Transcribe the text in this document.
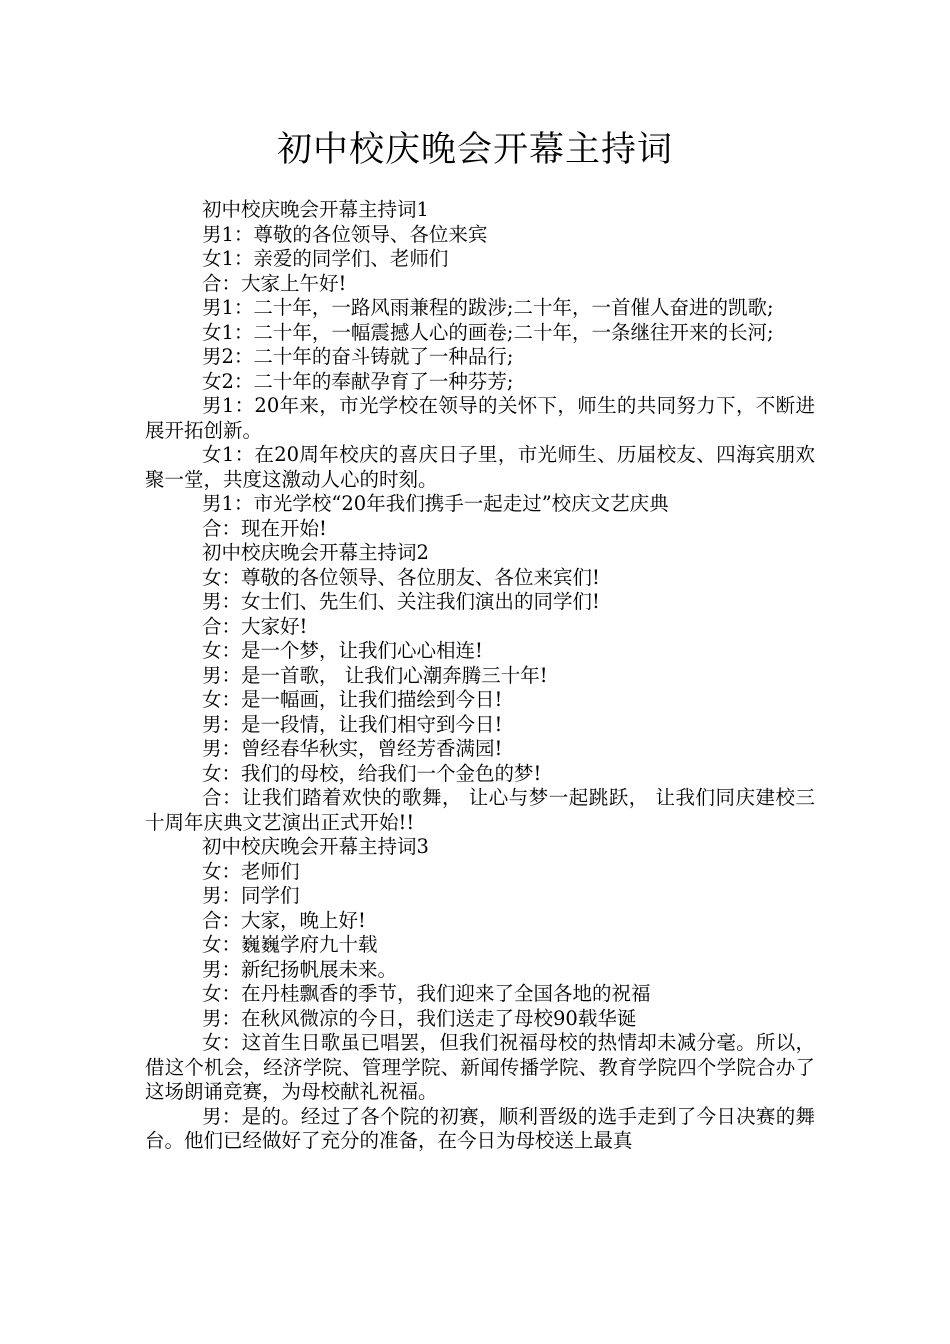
初中校庆晚会开幕主持词

初中校庆晚会开幕主持词1

男1：尊敬的各位领导、各位来宾

女1：亲爱的同学们、老师们

合：大家上午好!

男1：二十年，一路风雨兼程的跋涉;二十年，一首催人奋进的凯歌;

女1：二十年，一幅震撼人心的画卷;二十年，一条继往开来的长河;

男2：二十年的奋斗铸就了一种品行;

女2：二十年的奉献孕育了一种芬芳;

男1：20年来，市光学校在领导的关怀下，师生的共同努力下，不断进展开拓创新。

女1：在20周年校庆的喜庆日子里，市光师生、历届校友、四海宾朋欢聚一堂，共度这激动人心的时刻。

男1：市光学校“20年我们携手一起走过”校庆文艺庆典

合：现在开始!

初中校庆晚会开幕主持词2

女：尊敬的各位领导、各位朋友、各位来宾们!

男：女士们、先生们、关注我们演出的同学们!

合：大家好!

女：是一个梦，让我们心心相连!

男：是一首歌， 让我们心潮奔腾三十年!

女：是一幅画，让我们描绘到今日!

男：是一段情，让我们相守到今日!

男：曾经春华秋实，曾经芳香满园!

女：我们的母校，给我们一个金色的梦!

合：让我们踏着欢快的歌舞， 让心与梦一起跳跃， 让我们同庆建校三十周年庆典文艺演出正式开始!!

初中校庆晚会开幕主持词3

女：老师们

男：同学们

合：大家，晚上好!

女：巍巍学府九十载

男：新纪扬帆展未来。

女：在丹桂飘香的季节，我们迎来了全国各地的祝福

男：在秋风微凉的今日，我们送走了母校90载华诞

女：这首生日歌虽已唱罢，但我们祝福母校的热情却未减分毫。所以，借这个机会，经济学院、管理学院、新闻传播学院、教育学院四个学院合办了这场朗诵竞赛，为母校献礼祝福。

男：是的。经过了各个院的初赛，顺利晋级的选手走到了今日决赛的舞台。他们已经做好了充分的准备，在今日为母校送上最真
